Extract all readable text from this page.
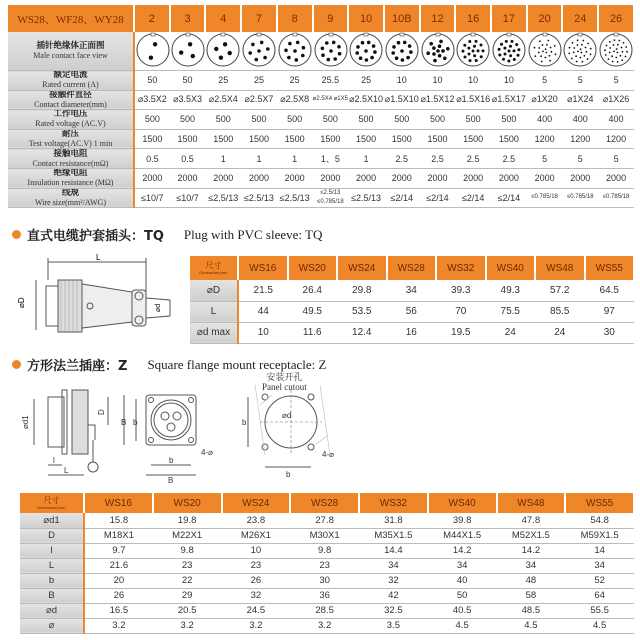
WS28、WF28、WY28	2	3	4	7	8	9	10	10B	12	16	17	20	24	26

插针绝缘体正面图
Male contact face view

额定电流
Rated current (A)	50	50	25	25	25	25.5	25	10	10	10	10	5	5	5

接触件直径
Contact diameter(mm)	⌀3.5X2	⌀3.5X3	⌀2.5X4	⌀2.5X7	⌀2.5X8	⌀2.5X4 ⌀1X5	⌀2.5X10	⌀1.5X10	⌀1.5X12	⌀1.5X16	⌀1.5X17	⌀1X20	⌀1X24	⌀1X26

工作电压
Rated voltage (AC.V)	500	500	500	500	500	500	500	500	500	500	500	400	400	400

耐压
Test voltage(AC.V) 1 min	1500	1500	1500	1500	1500	1500	1500	1500	1500	1500	1500	1200	1200	1200

接触电阻
Contact resistance(mΩ)	0.5	0.5	1	1	1	1、5	1	2.5	2.5	2.5	2.5	5	5	5

绝缘电阻
Insulation resistance (MΩ)	2000	2000	2000	2000	2000	2000	2000	2000	2000	2000	2000	2000	2000	2000

线规
Wire size(mm²/AWG)	≤10/7	≤10/7	≤2.5/13	≤2.5/13	≤2.5/13	≤2.5/13 ≤0.785/18	≤2.5/13	≤2/14	≤2/14	≤2/14	≤2/14	≤0.785/18	≤0.785/18	≤0.785/18
直式电缆护套插头：TQ Plug with PVC sleeve: TQ
L
⌀D	⌀d
尺寸
Dimension(mm)	WS16	WS20	WS24	WS28	WS32	WS40	WS48	WS55
⌀D	21.5	26.4	29.8	34	39.3	49.3	57.2	64.5
L	44	49.5	53.5	56	70	75.5	85.5	97
⌀d max	10	11.6	12.4	16	19.5	24	24	30
方形法兰插座：Z Square flange mount receptacle: Z
安装开孔
Panel cutout
⌀d1
D
l
L
B b
b
B
4-⌀
b
b
⌀d
4-⌀
尺寸
Dimension(mm)	WS16	WS20	WS24	WS28	WS32	WS40	WS48	WS55
⌀d1	15.8	19.8	23.8	27.8	31.8	39.8	47.8	54.8
D	M18X1	M22X1	M26X1	M30X1	M35X1.5	M44X1.5	M52X1.5	M59X1.5
l	9.7	9.8	10	9.8	14.4	14.2	14.2	14
L	21.6	23	23	23	34	34	34	34
b	20	22	26	30	32	40	48	52
B	26	29	32	36	42	50	58	64
⌀d	16.5	20.5	24.5	28.5	32.5	40.5	48.5	55.5
⌀	3.2	3.2	3.2	3.2	3.5	4.5	4.5	4.5
